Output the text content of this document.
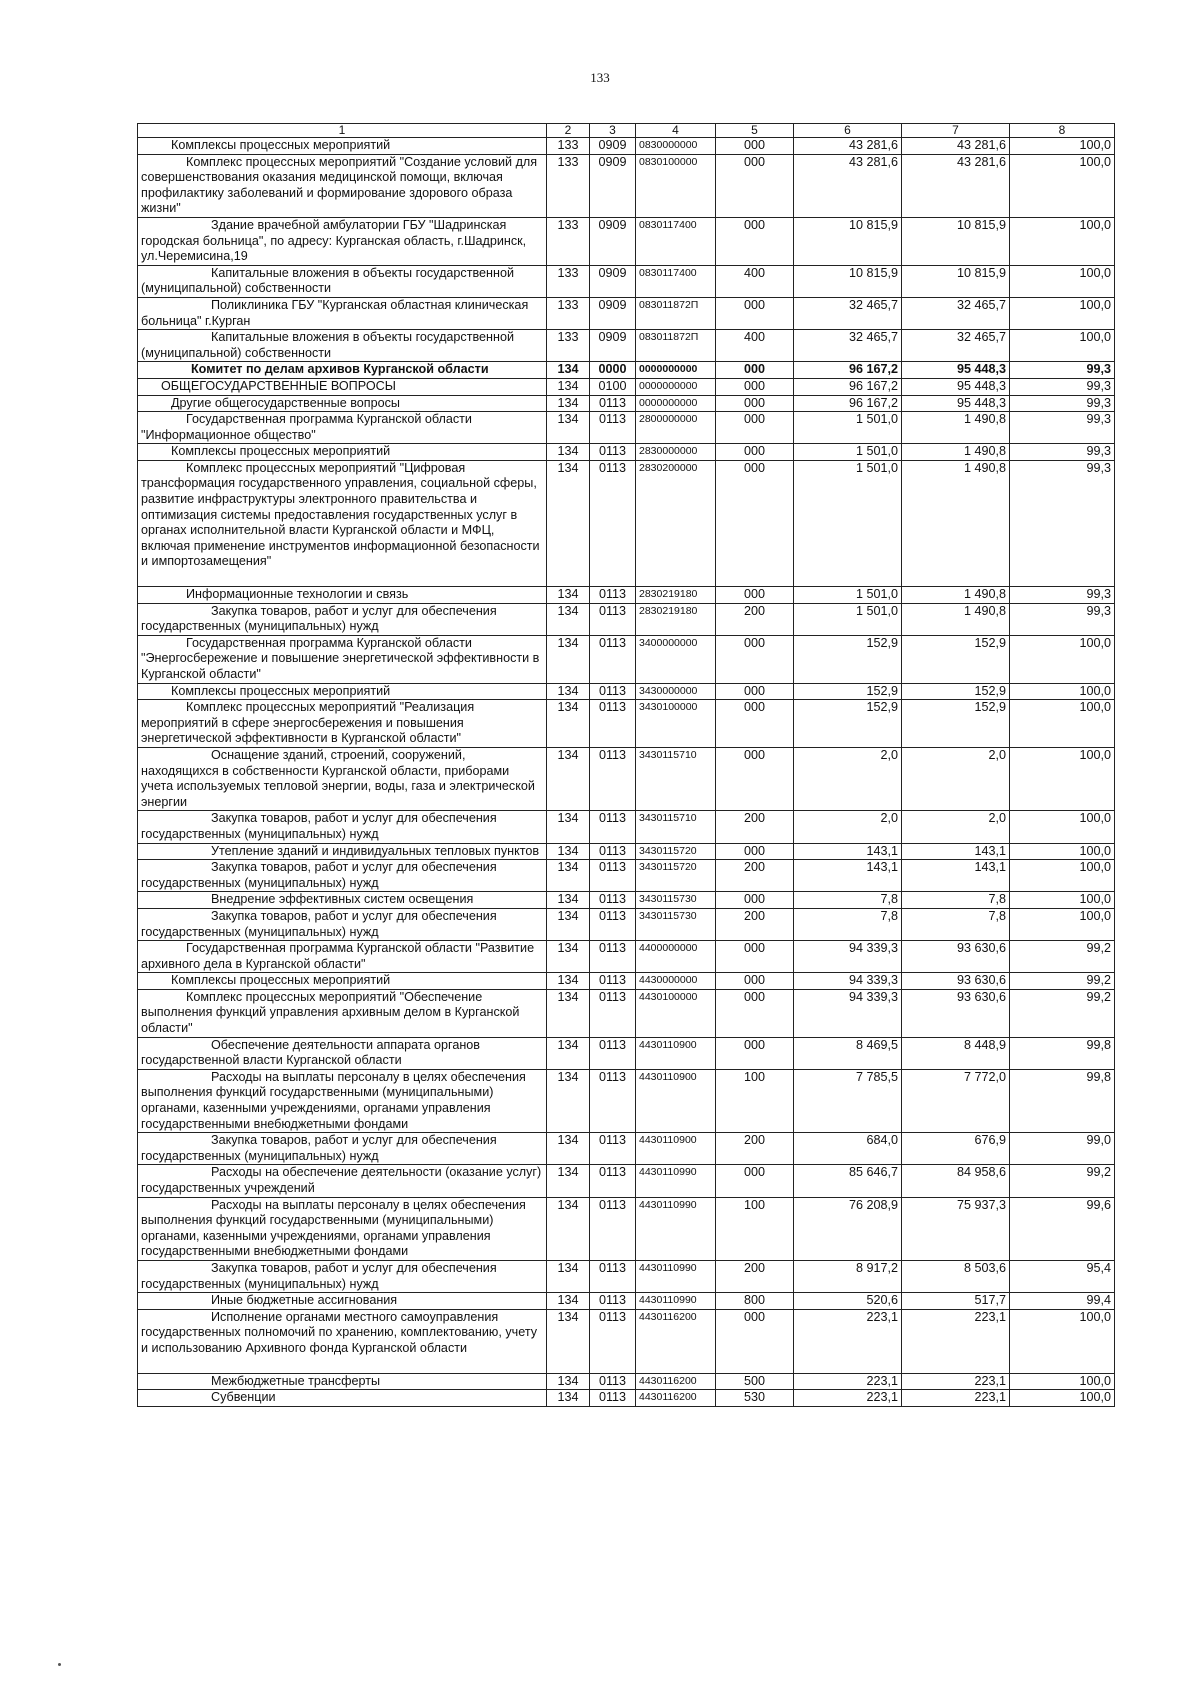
133
1	2	3	4	5	6	7	8
Комплексы процессных мероприятий	133	0909	0830000000	000	43 281,6	43 281,6	100,0
Комплекс процессных мероприятий "Создание условий для совершенствования оказания медицинской помощи, включая профилактику заболеваний и формирование здорового образа жизни"	133	0909	0830100000	000	43 281,6	43 281,6	100,0
Здание врачебной амбулатории ГБУ "Шадринская городская больница", по адресу: Курганская область, г.Шадринск, ул.Черемисина,19	133	0909	0830117400	000	10 815,9	10 815,9	100,0
Капитальные вложения в объекты государственной (муниципальной) собственности	133	0909	0830117400	400	10 815,9	10 815,9	100,0
Поликлиника ГБУ "Курганская областная клиническая больница" г.Курган	133	0909	083011872П	000	32 465,7	32 465,7	100,0
Капитальные вложения в объекты государственной (муниципальной) собственности	133	0909	083011872П	400	32 465,7	32 465,7	100,0
Комитет по делам архивов Курганской области	134	0000	0000000000	000	96 167,2	95 448,3	99,3
ОБЩЕГОСУДАРСТВЕННЫЕ ВОПРОСЫ	134	0100	0000000000	000	96 167,2	95 448,3	99,3
Другие общегосударственные вопросы	134	0113	0000000000	000	96 167,2	95 448,3	99,3
Государственная программа Курганской области "Информационное общество"	134	0113	2800000000	000	1 501,0	1 490,8	99,3
Комплексы процессных мероприятий	134	0113	2830000000	000	1 501,0	1 490,8	99,3
Комплекс процессных мероприятий "Цифровая трансформация государственного управления, социальной сферы, развитие инфраструктуры электронного правительства и оптимизация системы предоставления государственных услуг в органах исполнительной власти Курганской области и МФЦ, включая применение инструментов информационной безопасности и импортозамещения"	134	0113	2830200000	000	1 501,0	1 490,8	99,3
Информационные технологии и связь	134	0113	2830219180	000	1 501,0	1 490,8	99,3
Закупка товаров, работ и услуг для обеспечения государственных (муниципальных) нужд	134	0113	2830219180	200	1 501,0	1 490,8	99,3
Государственная программа Курганской области "Энергосбережение и повышение энергетической эффективности в Курганской области"	134	0113	3400000000	000	152,9	152,9	100,0
Комплексы процессных мероприятий	134	0113	3430000000	000	152,9	152,9	100,0
Комплекс процессных мероприятий "Реализация мероприятий в сфере энергосбережения и повышения энергетической эффективности в Курганской области"	134	0113	3430100000	000	152,9	152,9	100,0
Оснащение зданий, строений, сооружений, находящихся в собственности Курганской области, приборами учета используемых тепловой энергии, воды, газа и электрической энергии	134	0113	3430115710	000	2,0	2,0	100,0
Закупка товаров, работ и услуг для обеспечения государственных (муниципальных) нужд	134	0113	3430115710	200	2,0	2,0	100,0
Утепление зданий и индивидуальных тепловых пунктов	134	0113	3430115720	000	143,1	143,1	100,0
Закупка товаров, работ и услуг для обеспечения государственных (муниципальных) нужд	134	0113	3430115720	200	143,1	143,1	100,0
Внедрение эффективных систем освещения	134	0113	3430115730	000	7,8	7,8	100,0
Закупка товаров, работ и услуг для обеспечения государственных (муниципальных) нужд	134	0113	3430115730	200	7,8	7,8	100,0
Государственная программа Курганской области "Развитие архивного дела в Курганской области"	134	0113	4400000000	000	94 339,3	93 630,6	99,2
Комплексы процессных мероприятий	134	0113	4430000000	000	94 339,3	93 630,6	99,2
Комплекс процессных мероприятий "Обеспечение выполнения функций управления архивным делом в Курганской области"	134	0113	4430100000	000	94 339,3	93 630,6	99,2
Обеспечение деятельности аппарата органов государственной власти Курганской области	134	0113	4430110900	000	8 469,5	8 448,9	99,8
Расходы на выплаты персоналу в целях обеспечения выполнения функций государственными (муниципальными) органами, казенными учреждениями, органами управления государственными внебюджетными фондами	134	0113	4430110900	100	7 785,5	7 772,0	99,8
Закупка товаров, работ и услуг для обеспечения государственных (муниципальных) нужд	134	0113	4430110900	200	684,0	676,9	99,0
Расходы на обеспечение деятельности (оказание услуг) государственных учреждений	134	0113	4430110990	000	85 646,7	84 958,6	99,2
Расходы на выплаты персоналу в целях обеспечения выполнения функций государственными (муниципальными) органами, казенными учреждениями, органами управления государственными внебюджетными фондами	134	0113	4430110990	100	76 208,9	75 937,3	99,6
Закупка товаров, работ и услуг для обеспечения государственных (муниципальных) нужд	134	0113	4430110990	200	8 917,2	8 503,6	95,4
Иные бюджетные ассигнования	134	0113	4430110990	800	520,6	517,7	99,4
Исполнение органами местного самоуправления государственных полномочий по хранению, комплектованию, учету и использованию Архивного фонда Курганской области	134	0113	4430116200	000	223,1	223,1	100,0
Межбюджетные трансферты	134	0113	4430116200	500	223,1	223,1	100,0
Субвенции	134	0113	4430116200	530	223,1	223,1	100,0
